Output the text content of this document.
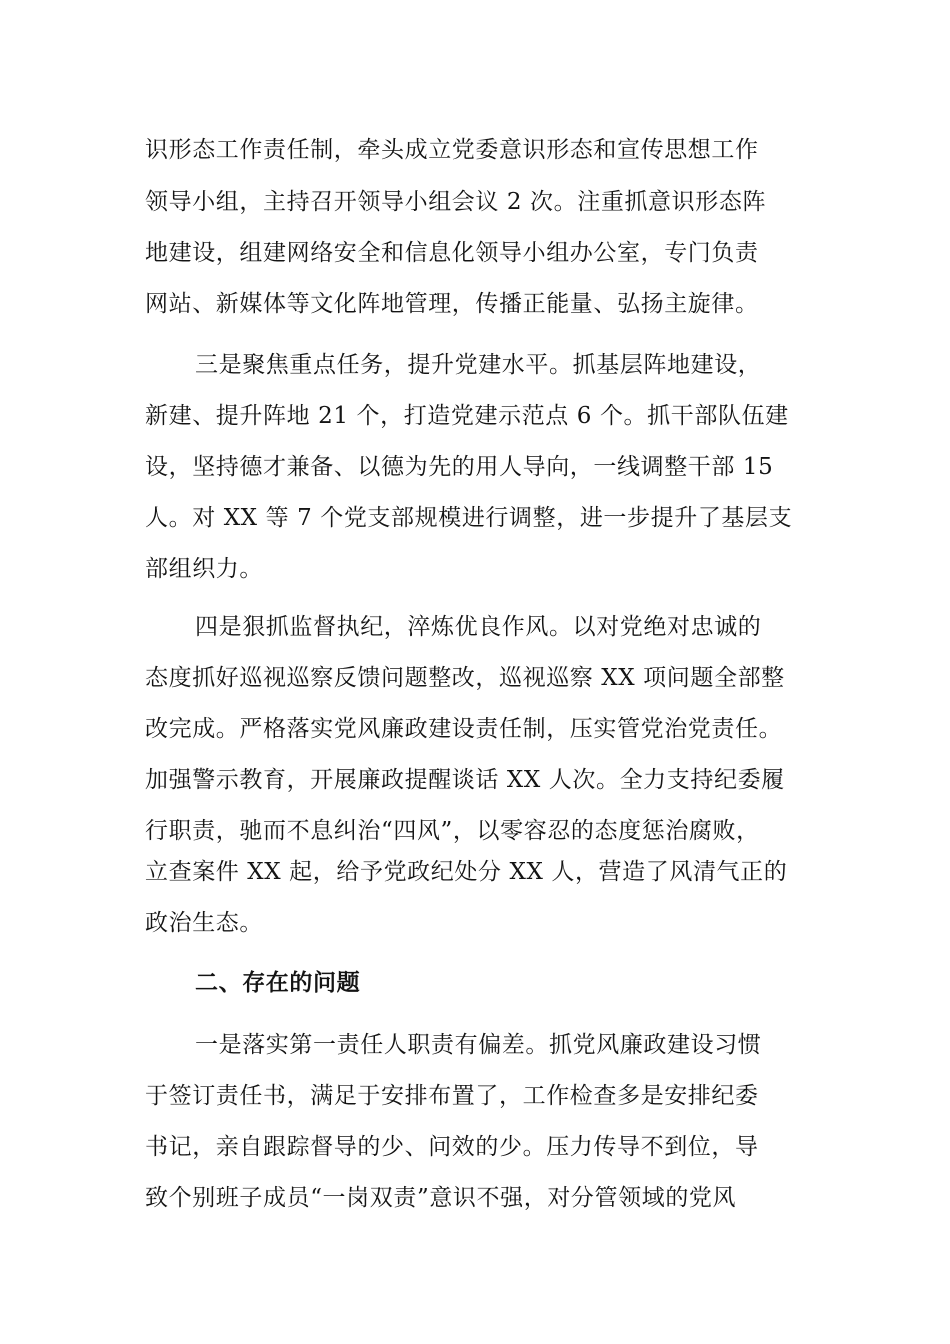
识形态工作责任制，牵头成立党委意识形态和宣传思想工作
领导小组，主持召开领导小组会议 2 次。注重抓意识形态阵
地建设，组建网络安全和信息化领导小组办公室，专门负责
网站、新媒体等文化阵地管理，传播正能量、弘扬主旋律。
三是聚焦重点任务，提升党建水平。抓基层阵地建设，
新建、提升阵地 21 个，打造党建示范点 6 个。抓干部队伍建
设，坚持德才兼备、以德为先的用人导向，一线调整干部 15
人。对 XX 等 7 个党支部规模进行调整，进一步提升了基层支
部组织力。
四是狠抓监督执纪，淬炼优良作风。以对党绝对忠诚的
态度抓好巡视巡察反馈问题整改，巡视巡察 XX 项问题全部整
改完成。严格落实党风廉政建设责任制，压实管党治党责任。
加强警示教育，开展廉政提醒谈话 XX 人次。全力支持纪委履
行职责，驰而不息纠治“四风”，以零容忍的态度惩治腐败，
立查案件 XX 起，给予党政纪处分 XX 人，营造了风清气正的
政治生态。
二、存在的问题
一是落实第一责任人职责有偏差。抓党风廉政建设习惯
于签订责任书，满足于安排布置了，工作检查多是安排纪委
书记，亲自跟踪督导的少、问效的少。压力传导不到位，导
致个别班子成员“一岗双责”意识不强，对分管领域的党风
